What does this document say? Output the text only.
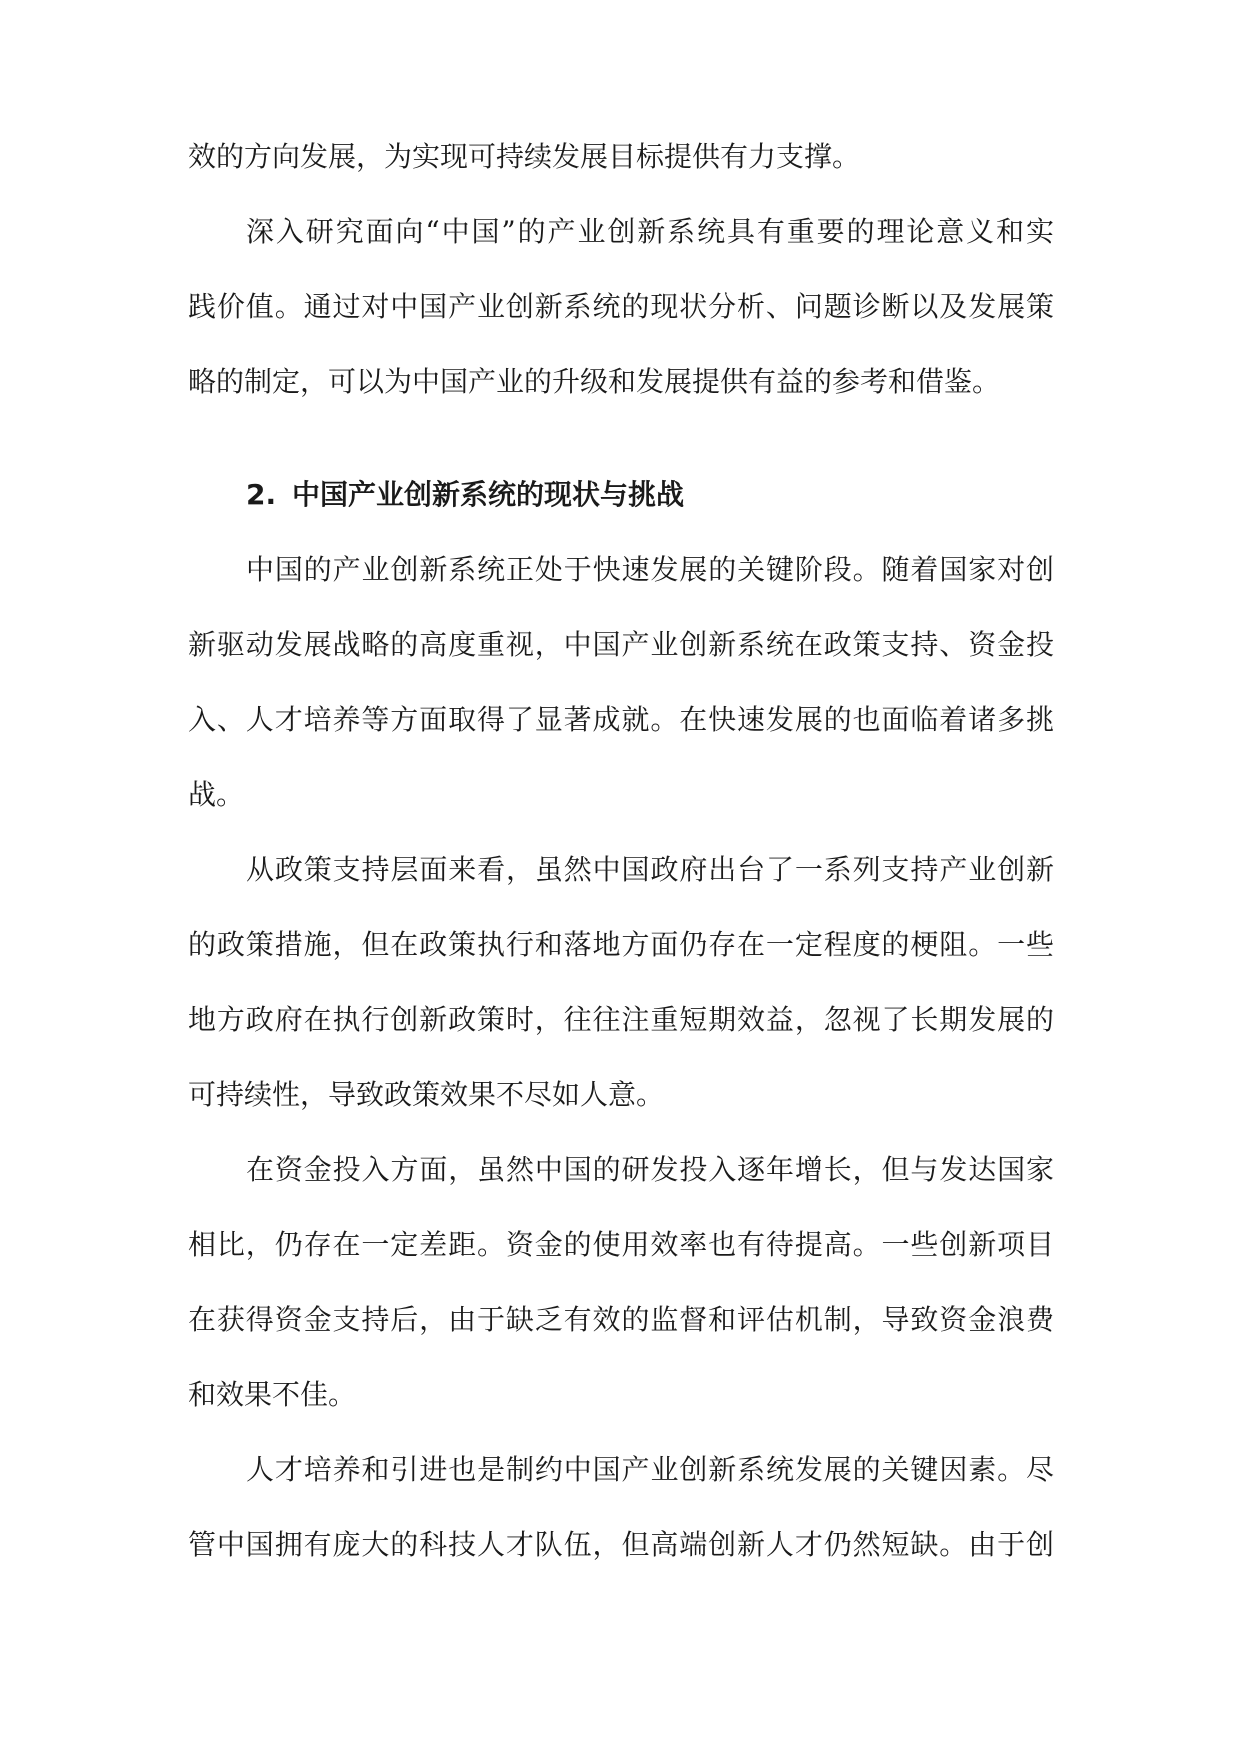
效的方向发展，为实现可持续发展目标提供有力支撑。
深入研究面向“中国”的产业创新系统具有重要的理论意义和实
践价值。通过对中国产业创新系统的现状分析、问题诊断以及发展策
略的制定，可以为中国产业的升级和发展提供有益的参考和借鉴。
2. 中国产业创新系统的现状与挑战
中国的产业创新系统正处于快速发展的关键阶段。随着国家对创
新驱动发展战略的高度重视，中国产业创新系统在政策支持、资金投
入、人才培养等方面取得了显著成就。在快速发展的也面临着诸多挑
战。
从政策支持层面来看，虽然中国政府出台了一系列支持产业创新
的政策措施，但在政策执行和落地方面仍存在一定程度的梗阻。一些
地方政府在执行创新政策时，往往注重短期效益，忽视了长期发展的
可持续性，导致政策效果不尽如人意。
在资金投入方面，虽然中国的研发投入逐年增长，但与发达国家
相比，仍存在一定差距。资金的使用效率也有待提高。一些创新项目
在获得资金支持后，由于缺乏有效的监督和评估机制，导致资金浪费
和效果不佳。
人才培养和引进也是制约中国产业创新系统发展的关键因素。尽
管中国拥有庞大的科技人才队伍，但高端创新人才仍然短缺。由于创
